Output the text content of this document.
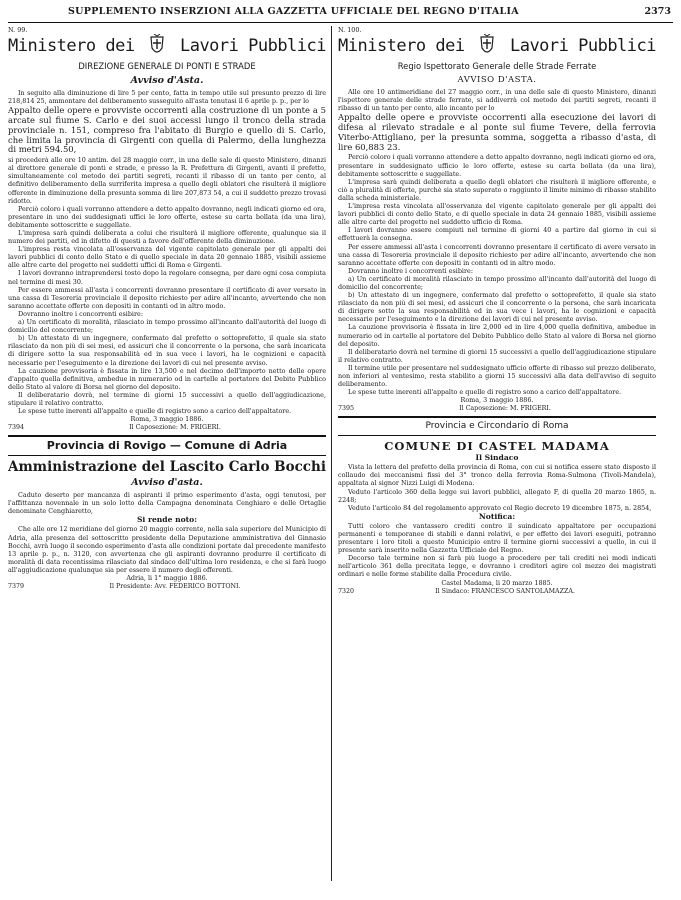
SUPPLEMENTO INSERZIONI ALLA GAZZETTA UFFICIALE DEL REGNO D'ITALIA	2373
N. 99.
Ministero dei	Lavori Pubblici
DIREZIONE GENERALE DI PONTI E STRADE
Avviso d'Asta.

In seguito alla diminuzione di lire 5 per cento, fatta in tempo utile sul presunto prezzo di lire 218,814 25, ammontare del deliberamento susseguito all'asta tenutasi il 6 aprile p. p., per lo

Appalto delle opere e provviste occorrenti alla costruzione di un ponte a 5 arcate sul fiume S. Carlo e dei suoi accessi lungo il tronco della strada provinciale n. 151, compreso fra l'abitato di Burgio e quello di S. Carlo, che limita la provincia di Girgenti con quella di Palermo, della lunghezza di metri 594.50,

si procederà alle ore 10 antim. del 28 maggio corr., in una delle sale di questo Ministero, dinanzi al direttore generale di ponti e strade, e presso la R. Prefettura di Girgenti, avanti il prefetto, simultaneamente col metodo dei partiti segreti, recanti il ribasso di un tanto per cento, al definitivo deliberamento della surriferita impresa a quello degli oblatori che risulterà il migliore offerente in diminuzione della presunta somma di lire 207,873 54, a cui il suddetto prezzo trovasi ridotto.

Perciò coloro i quali vorranno attendere a detto appalto dovranno, negli indicati giorno ed ora, presentare in uno dei suddesignati uffici le loro offerte, estese su carta bollata (da una lira), debitamente sottoscritte e suggellate.

L'impresa sarà quindi deliberata a colui che risulterà il migliore offerente, qualunque sia il numero dei partiti, ed in difetto di questi a favore dell'offerente della diminuzione.

L'impresa resta vincolata all'osservanza del vigente capitolato generale per gli appalti dei lavori pubblici di conto dello Stato e di quello speciale in data 20 gennaio 1885, visibili assieme alle altre carte del progetto nei suddetti uffici di Roma e Girgenti.

I lavori dovranno intraprendersi tosto dopo la regolare consegna, per dare ogni cosa compiuta nel termine di mesi 30.

Per essere ammessi all'asta i concorrenti dovranno presentare il certificato di aver versato in una cassa di Tesoreria provinciale il deposito richiesto per adire all'incanto, avvertendo che non saranno accettate offerte con depositi in contanti od in altro modo.

Dovranno inoltre i concorrenti esibire:

a) Un certificato di moralità, rilasciato in tempo prossimo all'incanto dall'autorità del luogo di domicilio del concorrente;

b) Un attestato di un ingegnere, confermato dal prefetto o sottoprefetto, il quale sia stato rilasciato da non più di sei mesi, ed assicuri che il concorrente o la persona, che sarà incaricata di dirigere sotto la sua responsabilità ed in sua vece i lavori, ha le cognizioni e capacità necessarie per l'eseguimento e la direzione dei lavori di cui nel presente avviso.

La cauzione provvisoria è fissata in lire 13,500 e nel decimo dell'importo netto delle opere d'appalto quella definitiva, ambedue in numerario od in cartelle al portatore del Debito Pubblico dello Stato al valore di Borsa nel giorno del deposito.

Il deliberatario dovrà, nel termine di giorni 15 successivi a quello dell'aggiudicazione, stipulare il relativo contratto.

Le spese tutte inerenti all'appalto e quelle di registro sono a carico dell'appaltatore.

Roma, 3 maggio 1886.
7394	Il Caposezione: M. FRIGERI.
Provincia di Rovigo — Comune di Adria
Amministrazione del Lascito Carlo Bocchi
Avviso d'asta.

Caduto deserto per mancanza di aspiranti il primo esperimento d'asta, oggi tenutosi, per l'affittanza novennale in un solo lotto della Campagna denominata Cenghiaro e delle Ortaglie denominate Cenghiaretto,

Si rende noto:

Che alle ore 12 meridiane del giorno 20 maggio corrente, nella sala superiore del Municipio di Adria, alla presenza del sottoscritto presidente della Deputazione amministrativa del Ginnasio Bocchi, avrà luogo il secondo esperimento d'asta alle condizioni portate dal precedente manifesto 13 aprile p. p., n. 3120, con avvertenza che gli aspiranti dovranno produrre il certificato di moralità di data recentissima rilasciato dal sindaco dell'ultima loro residenza, e che si farà luogo all'aggiudicazione qualunque sia per essere il numero degli offerenti.

Adria, li 1° maggio 1886.
7379	Il Presidente: Avv. FEDERICO BOTTONI.
N. 100.
Ministero dei	Lavori Pubblici
Regio Ispettorato Generale delle Strade Ferrate
AVVISO D'ASTA.

Alle ore 10 antimeridiane del 27 maggio corr., in una delle sale di questo Ministero, dinanzi l'ispettore generale delle strade ferrate, si addiverrà col metodo dei partiti segreti, recanti il ribasso di un tanto per cento, allo incanto per lo

Appalto delle opere e provviste occorrenti alla esecuzione dei lavori di difesa al rilevato stradale e al ponte sul fiume Tevere, della ferrovia Viterbo-Attigliano, per la presunta somma, soggetta a ribasso d'asta, di lire 60,883 23.

Perciò coloro i quali vorranno attendere a detto appalto dovranno, negli indicati giorno ed ora, presentare in suddesignato ufficio le loro offerte, estese su carta bollata (da una lira), debitamente sottoscritte e suggellate.

L'impresa sarà quindi deliberata a quello degli oblatori che risulterà il migliore offerente, e ciò a pluralità di offerte, purchè sia stato superato o raggiunto il limite minimo di ribasso stabilito dalla scheda ministeriale.

L'impresa resta vincolata all'osservanza del vigente capitolato generale per gli appalti dei lavori pubblici di conto dello Stato, e di quello speciale in data 24 gennaio 1885, visibili assieme alle altre carte del progetto nel suddetto ufficio di Roma.

I lavori dovranno essere compiuti nel termine di giorni 40 a partire dal giorno in cui si effettuerà la consegna.

Per essere ammessi all'asta i concorrenti dovranno presentare il certificato di avere versato in una cassa di Tesoreria provinciale il deposito richiesto per adire all'incanto, avvertendo che non saranno accettate offerte con depositi in contanti od in altro modo.

Dovranno inoltre i concorrenti esibire:

a) Un certificato di moralità rilasciato in tempo prossimo all'incanto dall'autorità del luogo di domicilio del concorrente;

b) Un attestato di un ingegnere, confermato dal prefetto o sottoprefetto, il quale sia stato rilasciato da non più di sei mesi, ed assicuri che il concorrente o la persona, che sarà incaricata di dirigere sotto la sua responsabilità ed in sua vece i lavori, ha le cognizioni e capacità necessarie per l'eseguimento e la direzione dei lavori di cui nel presente avviso.

La cauzione provvisoria è fissata in lire 2,000 ed in lire 4,000 quella definitiva, ambedue in numerario od in cartelle al portatore del Debito Pubblico dello Stato al valore di Borsa nel giorno del deposito.

Il deliberatario dovrà nel termine di giorni 15 successivi a quello dell'aggiudicazione stipulare il relativo contratto.

Il termine utile per presentare nel suddesignato ufficio offerte di ribasso sul prezzo deliberato, non inferiori al ventesimo, resta stabilito a giorni 15 successivi alla data dell'avviso di seguito deliberamento.

Le spese tutte inerenti all'appalto e quelle di registro sono a carico dell'appaltatore.

Roma, 3 maggio 1886.
7395	Il Caposezione: M. FRIGERI.
Provincia e Circondario di Roma
COMUNE DI CASTEL MADAMA
Il Sindaco

Vista la lettera del prefetto della provincia di Roma, con cui si notifica essere stato disposto il collaudo dei meccanismi fissi del 3° tronco della ferrovia Roma-Sulmona (Tivoli-Mandela), appaltata al signor Nizzi Luigi di Modena.

Veduto l'articolo 360 della legge sui lavori pubblici, allegato F, di quella 20 marzo 1865, n. 2248;

Veduto l'articolo 84 del regolamento approvato col Regio decreto 19 dicembre 1875, n. 2854,

Notifica:

Tutti coloro che vantassero crediti contro il suindicato appaltatore per occupazioni permanenti e temporanee di stabili e danni relativi, e per effetto dei lavori eseguiti, potranno presentare i loro titoli a questo Municipio entro il termine giorni successivi a quello, in cui il presente sarà inserito nella Gazzetta Ufficiale del Regno.

Decorso tale termine non si farà più luogo a procedere per tali crediti nei modi indicati nell'articolo 361 della precitata legge, e dovranno i creditori agire col mezzo dei magistrati ordinari e nelle forme stabilite dalla Procedura civile.

Castel Madama, li 20 marzo 1885.
7320	Il Sindaco: FRANCESCO SANTOLAMAZZA.
